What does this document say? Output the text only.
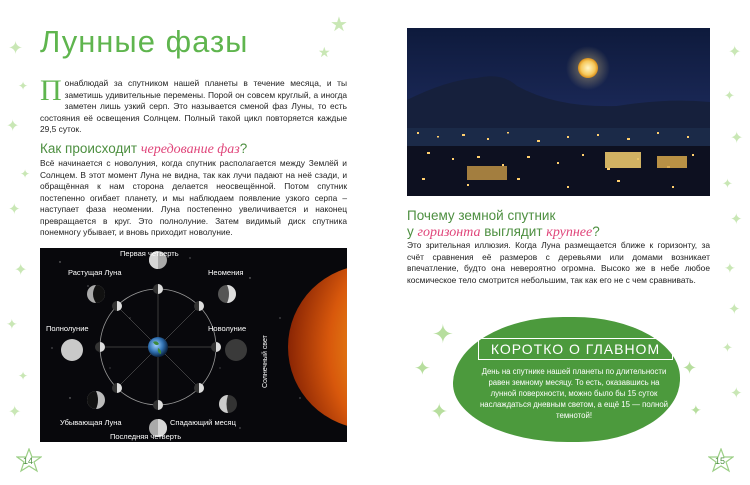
✦
✦
✦
✦
✦
✦
✦
✦
✦
★
★	✦
✦
✦
✦
✦
✦
✦
✦
✦
✦
✦
✦
✦
✦
Лунные фазы
Понаблюдай за спутником нашей планеты в течение месяца, и ты заметишь удивительные перемены. Порой он совсем круглый, а иногда заметен лишь узкий серп. Это называется сменой фаз Луны, то есть состояния её освещения Солнцем. Полный такой цикл повторяется каждые 29,5 суток.
Как происходит чередование фаз?
Всё начинается с новолуния, когда спутник располагается между Землёй и Солнцем. В этот момент Луна не видна, так как лучи падают на неё сзади, и обращённая к нам сторона делается неосвещённой. Потом спутник постепенно огибает планету, и мы наблюдаем появление узкого серпа – наступает фаза неомении. Луна постепенно увеличивается и наконец превращается в круг. Это полнолуние. Затем видимый диск спутника понемногу убывает, и вновь приходит новолуние.
Первая четверть
Растущая Луна	Неомения
Полнолуние	Новолуние
Убывающая Луна	Спадающий месяц
Последняя четверть
Солнечный свет
14
Почему земной спутник
у горизонта выглядит крупнее?
Это зрительная иллюзия. Когда Луна размещается ближе к горизонту, за счёт сравнения её размеров с деревьями или домами возникает впечатление, будто она невероятно огромна. Высоко же в небе любое космическое тело смотрится небольшим, так как его не с чем сравнивать.
КОРОТКО О ГЛАВНОМ
День на спутнике нашей планеты по длительности равен земному месяцу. То есть, оказавшись на лунной поверхности, можно было бы 15 суток наслаждаться дневным светом, а ещё 15 — полной темнотой!
15
